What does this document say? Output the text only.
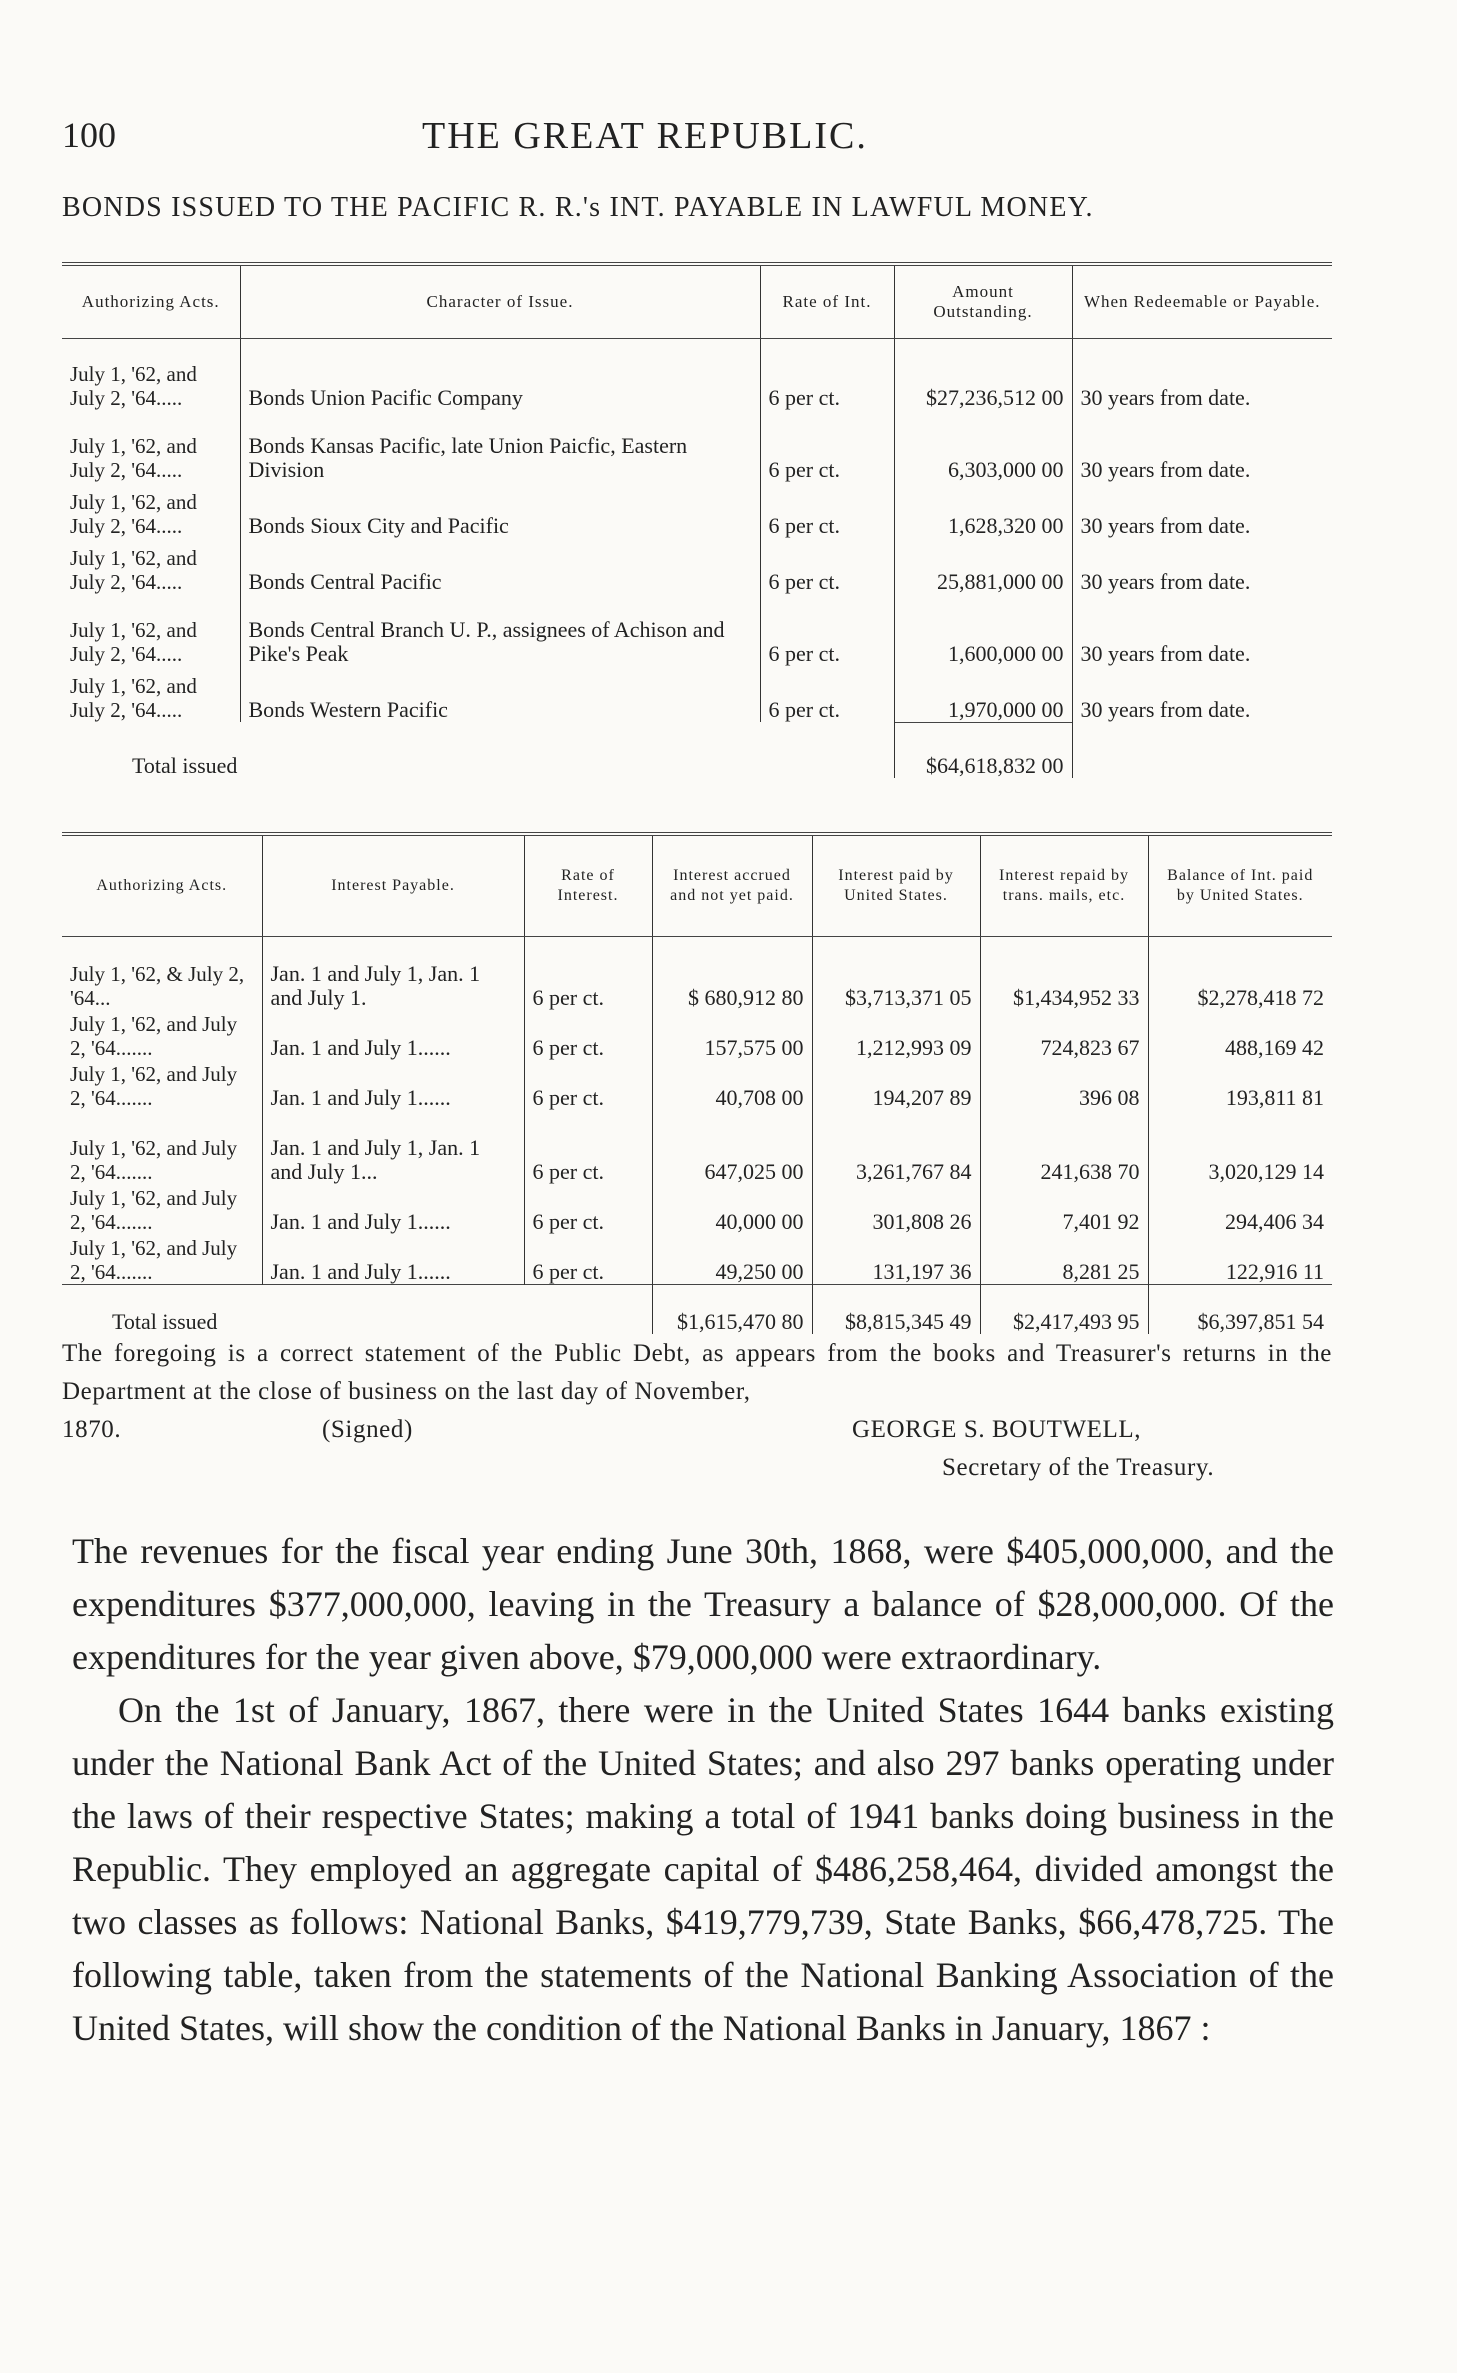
100	THE GREAT REPUBLIC.
BONDS ISSUED TO THE PACIFIC R. R.'s INT. PAYABLE IN LAWFUL MONEY.
Authorizing Acts.	Character of Issue.	Rate of Int.	Amount Outstanding.	When Redeemable or Payable.
July 1, '62, and July 2, '64.....	Bonds Union Pacific Company	6 per ct.	$27,236,512 00	30 years from date.
July 1, '62, and July 2, '64.....	Bonds Kansas Pacific, late Union Paicfic, Eastern Division	6 per ct.	6,303,000 00	30 years from date.
July 1, '62, and July 2, '64.....	Bonds Sioux City and Pacific	6 per ct.	1,628,320 00	30 years from date.
July 1, '62, and July 2, '64.....	Bonds Central Pacific	6 per ct.	25,881,000 00	30 years from date.
July 1, '62, and July 2, '64.....	Bonds Central Branch U. P., assignees of Achison and Pike's Peak	6 per ct.	1,600,000 00	30 years from date.
July 1, '62, and July 2, '64.....	Bonds Western Pacific	6 per ct.	1,970,000 00	30 years from date.
Total issued			$64,618,832 00	
Authorizing Acts.	Interest Payable.	Rate of Interest.	Interest accrued and not yet paid.	Interest paid by United States.	Interest repaid by trans. mails, etc.	Balance of Int. paid by United States.
July 1, '62, & July 2, '64...	Jan. 1 and July 1, Jan. 1 and July 1.	6 per ct.	$ 680,912 80	$3,713,371 05	$1,434,952 33	$2,278,418 72
July 1, '62, and July 2, '64.......	Jan. 1 and July 1......	6 per ct.	157,575 00	1,212,993 09	724,823 67	488,169 42
July 1, '62, and July 2, '64.......	Jan. 1 and July 1......	6 per ct.	40,708 00	194,207 89	396 08	193,811 81
July 1, '62, and July 2, '64.......	Jan. 1 and July 1, Jan. 1 and July 1...	6 per ct.	647,025 00	3,261,767 84	241,638 70	3,020,129 14
July 1, '62, and July 2, '64.......	Jan. 1 and July 1......	6 per ct.	40,000 00	301,808 26	7,401 92	294,406 34
July 1, '62, and July 2, '64.......	Jan. 1 and July 1......	6 per ct.	49,250 00	131,197 36	8,281 25	122,916 11
Total issued			$1,615,470 80	$8,815,345 49	$2,417,493 95	$6,397,851 54
The foregoing is a correct statement of the Public Debt, as appears from the books and Treasurer's returns in the Department at the close of business on the last day of November,
1870.	(Signed)	GEORGE S. BOUTWELL,
Secretary of the Treasury.

The revenues for the fiscal year ending June 30th, 1868, were $405,000,000, and the expenditures $377,000,000, leaving in the Treasury a balance of $28,000,000. Of the expenditures for the year given above, $79,000,000 were extraordinary.

On the 1st of January, 1867, there were in the United States 1644 banks existing under the National Bank Act of the United States; and also 297 banks operating under the laws of their respective States; making a total of 1941 banks doing business in the Republic. They employed an aggregate capital of $486,258,464, divided amongst the two classes as follows: National Banks, $419,779,739, State Banks, $66,478,725. The following table, taken from the statements of the National Banking Association of the United States, will show the condition of the National Banks in January, 1867 :
